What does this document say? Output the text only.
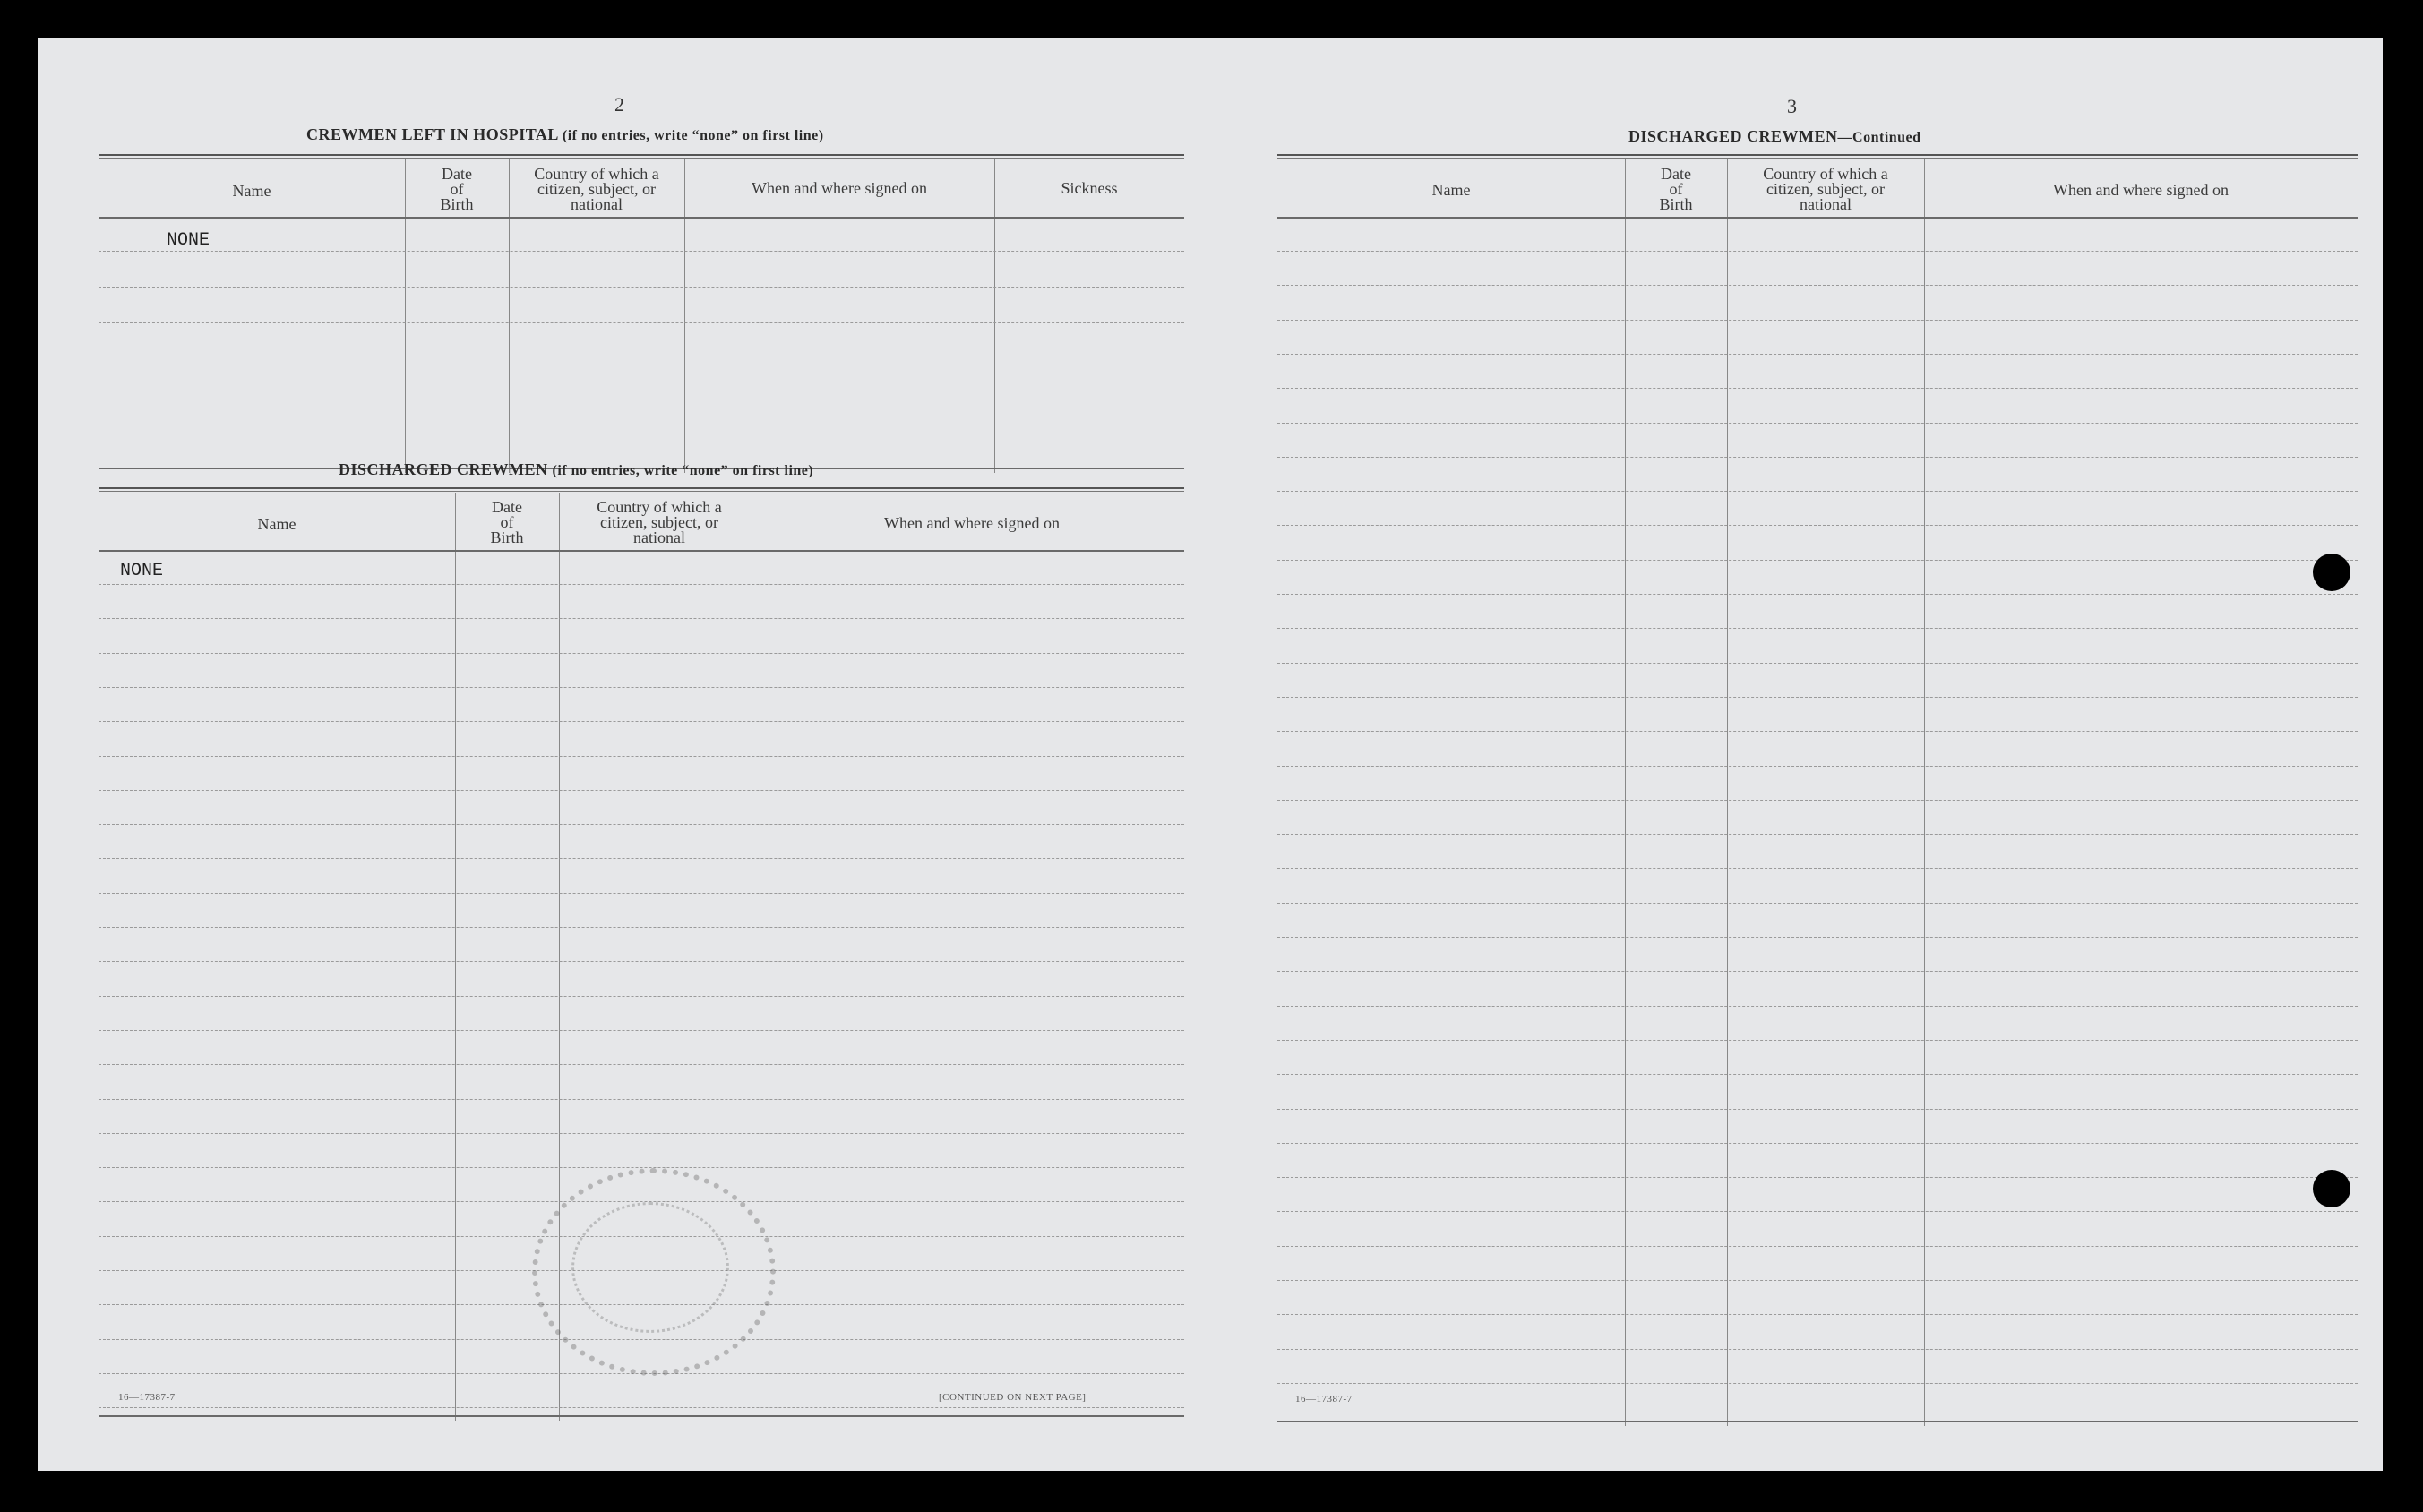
2
CREWMEN LEFT IN HOSPITAL (if no entries, write “none” on first line)
Name
Date
of
Birth
Country of which a
citizen, subject, or
national
When and where signed on	Sickness
NONE
DISCHARGED CREWMEN (if no entries, write “none” on first line)
Name
Date
of
Birth
Country of which a
citizen, subject, or
national
When and where signed on
NONE
16—17387-7	[CONTINUED ON NEXT PAGE]
3
DISCHARGED CREWMEN—Continued
Name
Date
of
Birth
Country of which a
citizen, subject, or
national
When and where signed on
16—17387-7
